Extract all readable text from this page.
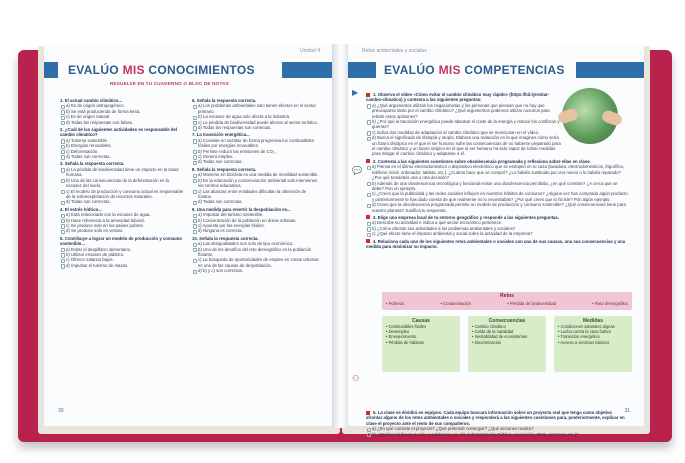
Unidad 4
EVALÚO MIS CONOCIMIENTOS
RESUELVE EN TU CUADERNO O BLOC DE NOTAS
1. El actual cambio climático...
a) Es de origen antropogénico.
b) Se está produciendo de forma lenta.
c) Es de origen natural.
d) Todas las respuestas son falsas.
2. ¿Cuál de las siguientes actividades es responsable del cambio climático?
a) Turismo sostenible.
b) Energías renovables.
c) Deforestación.
d) Todas son correctas.
3. Señala la respuesta correcta.
a) La pérdida de biodiversidad tiene un impacto en la salud humana.
b) Una de las consecuencias de la deforestación es la escasez del suelo.
c) El modelo de producción y consumo actual es responsable de la sobreexplotación de recursos naturales.
d) Todas son correctas.
4. El estrés hídrico...
a) Está relacionado con la escasez de agua.
b) Hace referencia a la amenidad laboral.
c) Se produce solo en los países pobres.
d) Se produce solo en verano.
5. Contribuye a lograr un modelo de producción y consumo sostenible...
a) Evitar el despilfarro alimentario.
b) Utilizar envases de plástico.
c) Ofrecer salarios bajos.
d) Impulsar el turismo de masas.
6. Señala la respuesta correcta.
a) Los problemas ambientales solo tienen efectos en el sector primario.
b) La escasez de agua solo afecta a la industria.
c) La pérdida de biodiversidad puede afectar al sector turístico.
d) Todas las respuestas son correctas.
7. La transición energética...
a) Consiste en sustituir de forma progresiva los combustibles fósiles por energías renovables.
b) Permite reducir las emisiones de CO₂.
c) Genera empleo.
d) Todas son correctas.
8. Señala la respuesta correcta.
a) Moverse en bicicleta es una medida de movilidad sostenible.
b) En la educación y concienciación ambiental solo intervienen los centros educativos.
c) Las alianzas entre entidades dificultan la obtención de fondos.
d) Todas son correctas.
9. Una medida para revertir la despoblación es...
a) Impulsar del turismo sostenible.
b) Concentración de la población en áreas urbanas.
c) Apuesta por las energías fósiles.
d) Ninguna es correcta.
10. Señala la respuesta correcta.
a) Las desigualdades son solo de tipo económico.
b) Uno de los desafíos del reto demográfico es la población flotante.
c) La búsqueda de oportunidades de empleo en zonas urbanas es una de las causas de despoblación.
d) b) y c) son correctas.
30
Retos ambientales y sociales
EVALÚO MIS COMPETENCIAS
▶
💬
⚇
1. Observa el vídeo «Cómo evitar el cambio climático muy rápido» (https://bit.ly/evitar-cambio-climatico) y contesta a las siguientes preguntas:
a) ¿Qué argumentos utilizan los negacionistas y los personas que piensan que no hay que preocuparse tanto por el cambio climático? ¿Qué argumentos podemos utilizar nosotros para rebatir estos opiniones?
b) ¿Por qué la transición energética puede abaratar el coste de la energía y reducir los conflictos y guerras?
c) Indica dos medidas de adaptación al cambio climático que se mencionan en el vídeo.
d) Busca el significado de distopía y utopía. Elabora una redacción en la que imagines cómo sería un futuro distópico en el que el ser humano sufre las consecuencias de no haberse preparado para el cambio climático y un futuro utópico en el que el ser humano ha sido capaz de tomar medidas para mitigar el cambio climático y adaptarse a él.
2. Contesta a las siguientes cuestiones sobre obsolescencia programada y reflexiona sobre ellas en clase.
a) Piensa en el último electrodoméstico o dispositivo electrónico que se estropeó en tu casa (lavadora, electrodomésticos, frigorífico, teléfono móvil, ordenador, tableta, etc.). ¿Cuánto hace que se compró? ¿Lo habéis sustituido por uno nuevo o lo habéis reparado? ¿Por qué tomasteis una u otra decisión?
b) Además de una obsolescencia tecnológica y funcional existe una obsolescencia percibida, ¿en qué consiste? ¿A cerca que se debe? Pon un ejemplo.
c) ¿Crees que la publicidad y las redes sociales influyen en nuestros hábitos de consumo? ¿Alguna vez has comprado algún producto y posteriormente te has dado cuenta de que realmente no lo necesitabas? ¿Por qué crees que lo hiciste? Pon algún ejemplo.
d) Crees que la obsolescencia programada permite un modelo de producción y consumo sostenible? ¿Qué consecuencias tiene para nuestro planeta? Justifica tu respuesta.
3. Elige una empresa local de tu entorno geográfico y responde a las siguientes preguntas.
a) Describe su actividad e indica a qué sector económico pertenece.
b) ¿Cómo afectan sus actividades a los problemas ambientales y sociales?
c) ¿Qué efecto tiene el impacto ambiental y social sobre la actividad de la empresa?
4. Relaciona cada uno de los siguientes retos ambientales o sociales con una de sus causas, una sus consecuencias y una medida para minimizar su impacto.
Retos
• Pobreza	• Contaminación	• Pérdida de biodiversidad	• Reto demográfico
Causas
• Combustibles fósiles
• Desempleo
• Envejecimiento
• Pérdida de hábitats
Consecuencias
• Cambio climático
• Caída de la natalidad
• Inestabilidad de ecosistemas
• Discriminación
Medidas
• Condiciones salariales dignas
• Lucha contra la caza furtiva
• Transición energética
• Acceso a servicios básicos
31
5. La clase se dividirá en equipos. Cada equipo buscará información sobre un proyecto real que tenga como objetivo afrontar alguno de los retos ambientales o sociales y responderá a las siguientes cuestiones para, posteriormente, explicar en clase el proyecto ante el resto de sus compañeros.
a) ¿En qué consiste el proyecto? ¿Qué pretende conseguir? ¿Qué acciones realiza?
b) ¿Quiénes lo llevan a cabo o colaboran con él? (Administración Pública, asociación, ONG, empresa, etc.)?
